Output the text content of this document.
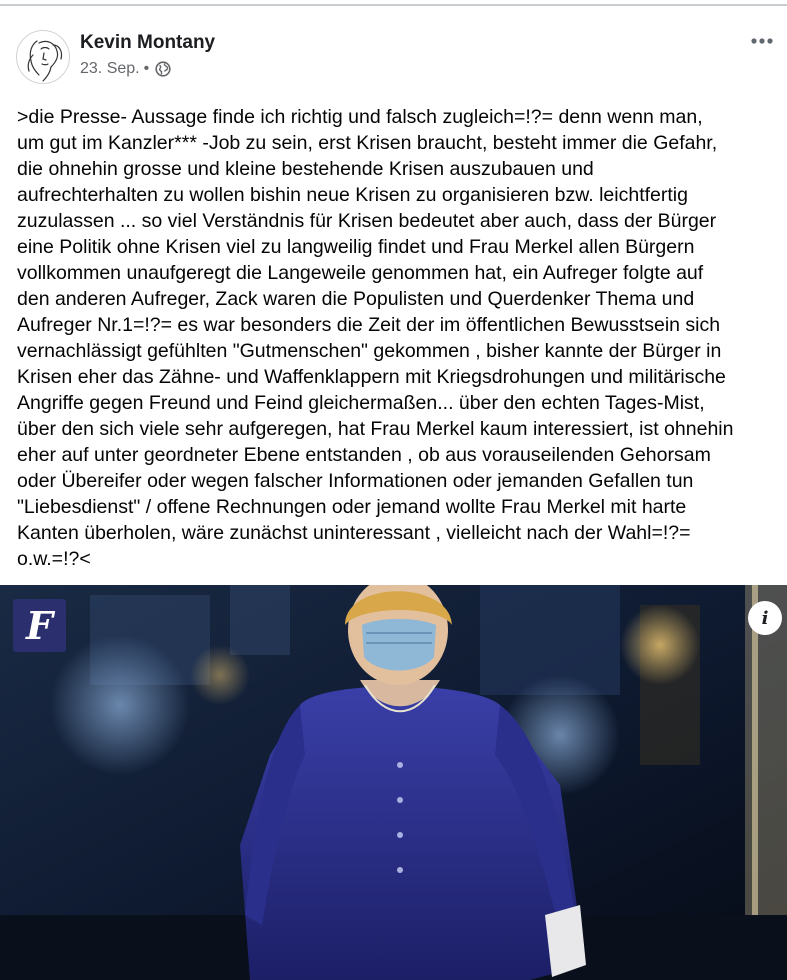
Kevin Montany
23. Sep. •
>die Presse- Aussage finde ich richtig und falsch zugleich=!?= denn wenn man,
um gut im Kanzler*** -Job zu sein, erst Krisen braucht, besteht immer die Gefahr,
die ohnehin grosse und kleine bestehende Krisen auszubauen und
aufrechterhalten zu wollen bishin neue Krisen zu organisieren bzw. leichtfertig
zuzulassen ... so viel Verständnis für Krisen bedeutet aber auch, dass der Bürger
eine Politik ohne Krisen viel zu langweilig findet und Frau Merkel allen Bürgern
vollkommen unaufgeregt die Langeweile genommen hat, ein Aufreger folgte auf
den anderen Aufreger, Zack waren die Populisten und Querdenker Thema und
Aufreger Nr.1=!?= es war besonders die Zeit der im öffentlichen Bewusstsein sich
vernachlässigt gefühlten "Gutmenschen" gekommen , bisher kannte der Bürger in
Krisen eher das Zähne- und Waffenklappern mit Kriegsdrohungen und militärische
Angriffe gegen Freund und Feind gleichermaßen... über den echten Tages-Mist,
über den sich viele sehr aufgeregen, hat Frau Merkel kaum interessiert, ist ohnehin
eher auf unter geordneter Ebene entstanden , ob aus vorauseilenden Gehorsam
oder Übereifer oder wegen falscher Informationen oder jemanden Gefallen tun
"Liebesdienst" / offene Rechnungen oder jemand wollte Frau Merkel mit harte
Kanten überholen, wäre zunächst uninteressant , vielleicht nach der Wahl=!?=
o.w.=!?<
F	i
